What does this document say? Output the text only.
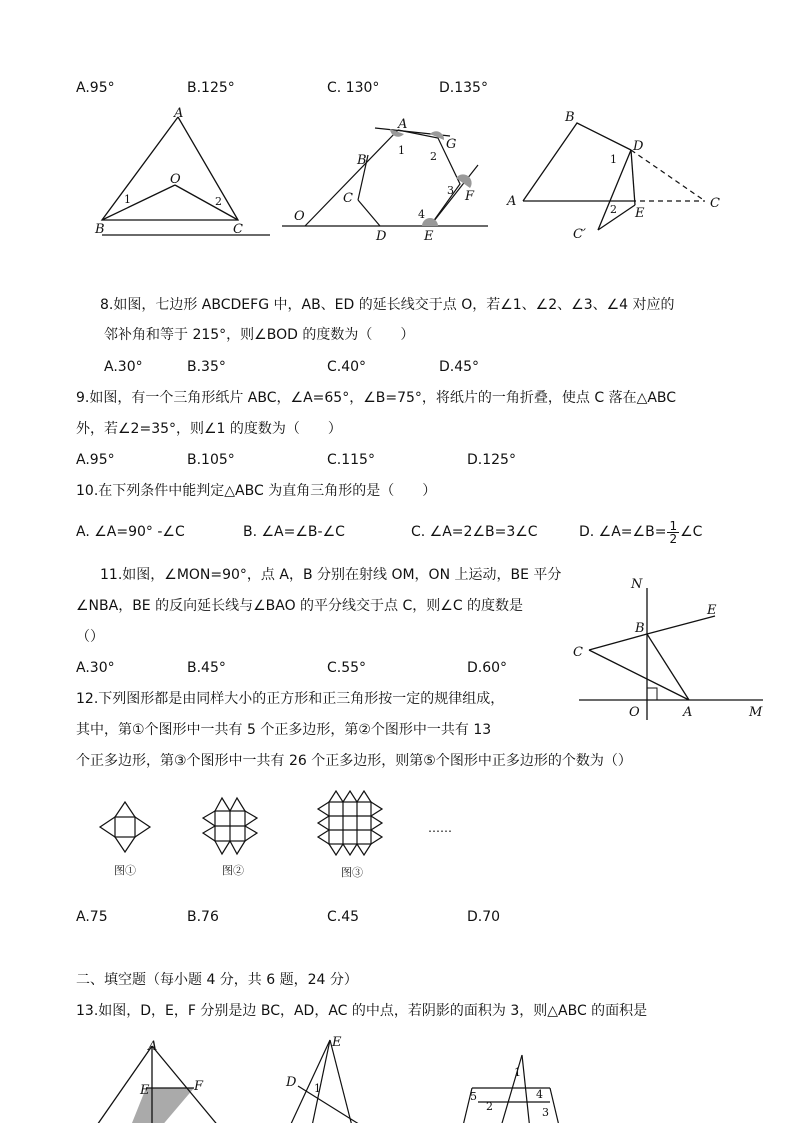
A.95°	B.125°	C. 130°	D.135°
A
O
B	C
1	2
A
G
B
C	F
O
D	E
1 2
3
4
B
D
A	C
E
C′
1
2
8.如图，七边形 ABCDEFG 中，AB、ED 的延长线交于点 O，若∠1、∠2、∠3、∠4 对应的
邻补角和等于 215°，则∠BOD 的度数为（　　）
A.30°	B.35°	C.40°	D.45°
9.如图，有一个三角形纸片 ABC，∠A=65°，∠B=75°，将纸片的一角折叠，使点 C 落在△ABC
外，若∠2=35°，则∠1 的度数为（　　）
A.95°	B.105°	C.115°	D.125°
10.在下列条件中能判定△ABC 为直角三角形的是（　　）
A. ∠A=90° -∠C	B. ∠A=∠B-∠C	C. ∠A=2∠B=3∠C	D. ∠A=∠B= $\frac{1}{2}$ ∠C
11.如图，∠MON=90°，点 A，B 分别在射线 OM，ON 上运动，BE 平分
∠NBA，BE 的反向延长线与∠BAO 的平分线交于点 C，则∠C 的度数是
（）
A.30°	B.45°	C.55°	D.60°
N
E
B
C
O	A	M
12.下列图形都是由同样大小的正方形和正三角形按一定的规律组成，
其中，第①个图形中一共有 5 个正多边形，第②个图形中一共有 13
个正多边形，第③个图形中一共有 26 个正多边形，则第⑤个图形中正多边形的个数为（）
图①	图②	图③
……
A.75	B.76	C.45	D.70
二、填空题（每小题 4 分，共 6 题，24 分）
13.如图，D，E，F 分别是边 BC，AD，AC 的中点，若阴影的面积为 3，则△ABC 的面积是
A
E	F
E
D 1
1
5
2
4
3
